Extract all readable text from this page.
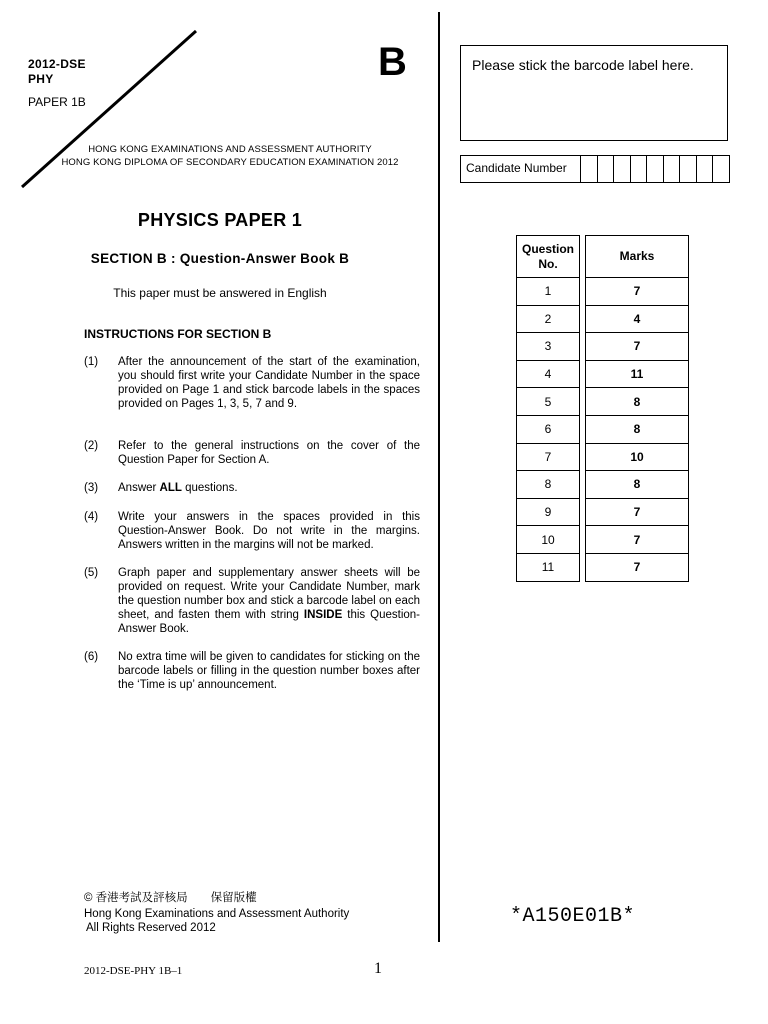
2012-DSE
PHY
PAPER 1B
B
HONG KONG EXAMINATIONS AND ASSESSMENT AUTHORITY
HONG KONG DIPLOMA OF SECONDARY EDUCATION EXAMINATION 2012
PHYSICS PAPER 1
SECTION B : Question-Answer Book B
This paper must be answered in English
INSTRUCTIONS FOR SECTION B
(1) After the announcement of the start of the examination, you should first write your Candidate Number in the space provided on Page 1 and stick barcode labels in the spaces provided on Pages 1, 3, 5, 7 and 9.
(2) Refer to the general instructions on the cover of the Question Paper for Section A.
(3) Answer ALL questions.
(4) Write your answers in the spaces provided in this Question-Answer Book. Do not write in the margins. Answers written in the margins will not be marked.
(5) Graph paper and supplementary answer sheets will be provided on request. Write your Candidate Number, mark the question number box and stick a barcode label on each sheet, and fasten them with string INSIDE this Question-Answer Book.
(6) No extra time will be given to candidates for sticking on the barcode labels or filling in the question number boxes after the ‘Time is up’ announcement.
© 香港考試及評核局　　保留版權
Hong Kong Examinations and Assessment Authority
All Rights Reserved 2012
2012-DSE-PHY 1B–1	1
Please stick the barcode label here.
Candidate Number
Question No.
1
2
3
4
5
6
7
8
9
10
11
Marks
7
4
7
11
8
8
10
8
7
7
7
*A150E01B*
